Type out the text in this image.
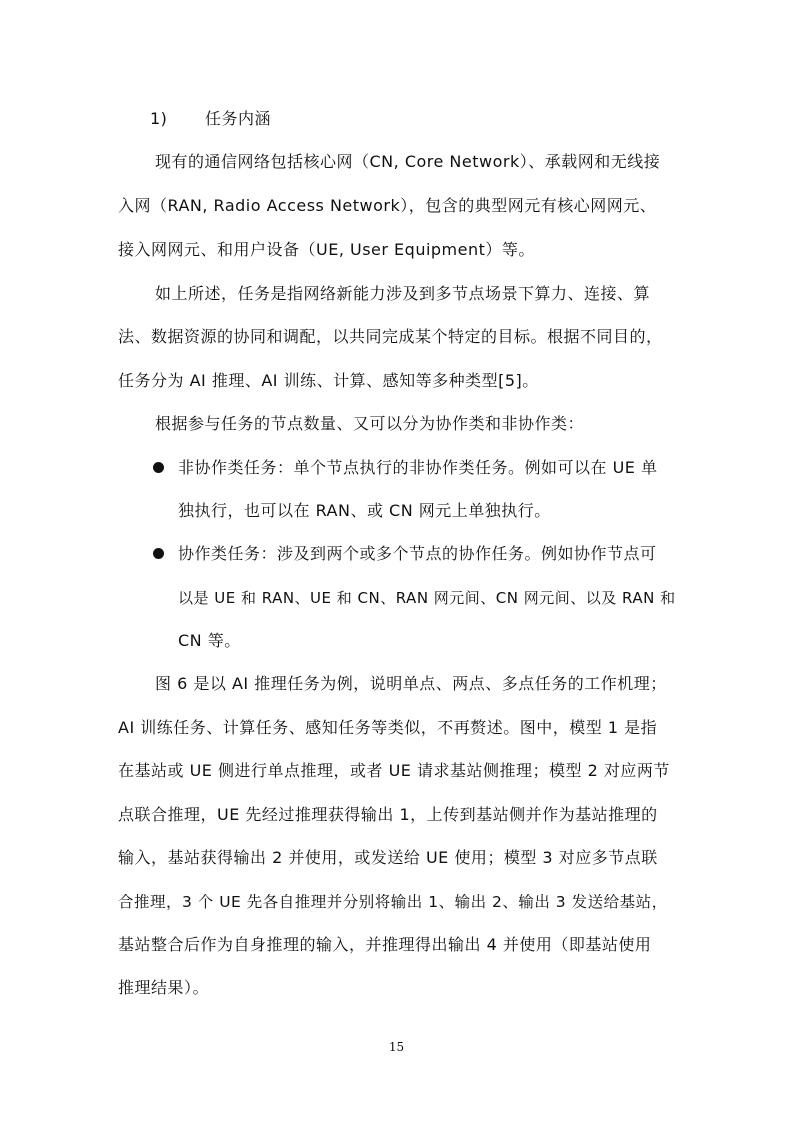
1) 任务内涵
现有的通信网络包括核心网（CN, Core Network）、承载网和无线接
入网（RAN, Radio Access Network），包含的典型网元有核心网网元、
接入网网元、和用户设备（UE, User Equipment）等。
如上所述，任务是指网络新能力涉及到多节点场景下算力、连接、算
法、数据资源的协同和调配，以共同完成某个特定的目标。根据不同目的，
任务分为 AI 推理、AI 训练、计算、感知等多种类型[5]。
根据参与任务的节点数量、又可以分为协作类和非协作类：
非协作类任务：单个节点执行的非协作类任务。例如可以在 UE 单
独执行，也可以在 RAN、或 CN 网元上单独执行。
协作类任务：涉及到两个或多个节点的协作任务。例如协作节点可
以是 UE 和 RAN、UE 和 CN、RAN 网元间、CN 网元间、以及 RAN 和
CN 等。
图 6 是以 AI 推理任务为例，说明单点、两点、多点任务的工作机理；
AI 训练任务、计算任务、感知任务等类似，不再赘述。图中，模型 1 是指
在基站或 UE 侧进行单点推理，或者 UE 请求基站侧推理；模型 2 对应两节
点联合推理，UE 先经过推理获得输出 1，上传到基站侧并作为基站推理的
输入，基站获得输出 2 并使用，或发送给 UE 使用；模型 3 对应多节点联
合推理，3 个 UE 先各自推理并分别将输出 1、输出 2、输出 3 发送给基站，
基站整合后作为自身推理的输入，并推理得出输出 4 并使用（即基站使用
推理结果）。
15
